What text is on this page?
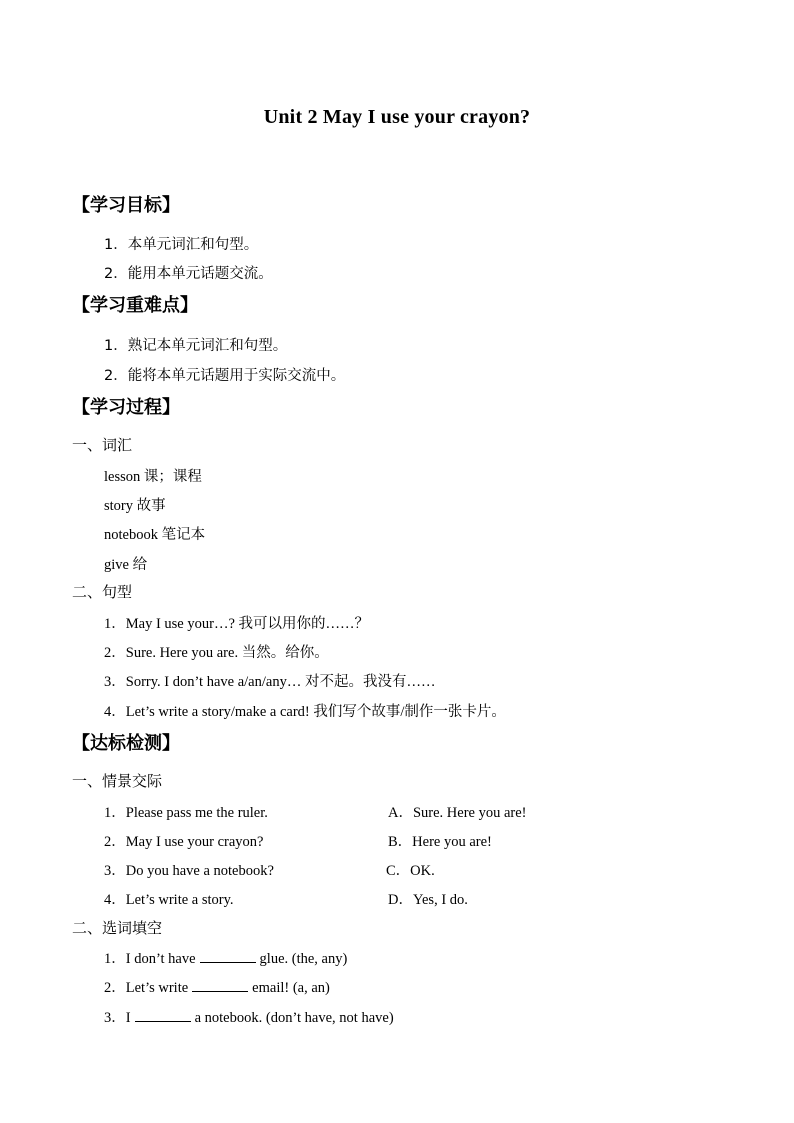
Unit 2 May I use your crayon?
【学习目标】
1．本单元词汇和句型。
2．能用本单元话题交流。
【学习重难点】
1．熟记本单元词汇和句型。
2．能将本单元话题用于实际交流中。
【学习过程】
一、词汇
lesson 课；课程
story 故事
notebook 笔记本
give 给
二、句型
1．May I use your…? 我可以用你的……？
2．Sure. Here you are. 当然。给你。
3．Sorry. I don’t have a/an/any… 对不起。我没有……
4．Let’s write a story/make a card! 我们写个故事/制作一张卡片。
【达标检测】
一、情景交际
1．Please pass me the ruler.	A．Sure. Here you are!
2．May I use your crayon?	B．Here you are!
3．Do you have a notebook?	C．OK.
4．Let’s write a story.	D．Yes, I do.
二、选词填空
1．I don’t have	glue. (the, any)
2．Let’s write	email! (a, an)
3．I	a notebook. (don’t have, not have)
